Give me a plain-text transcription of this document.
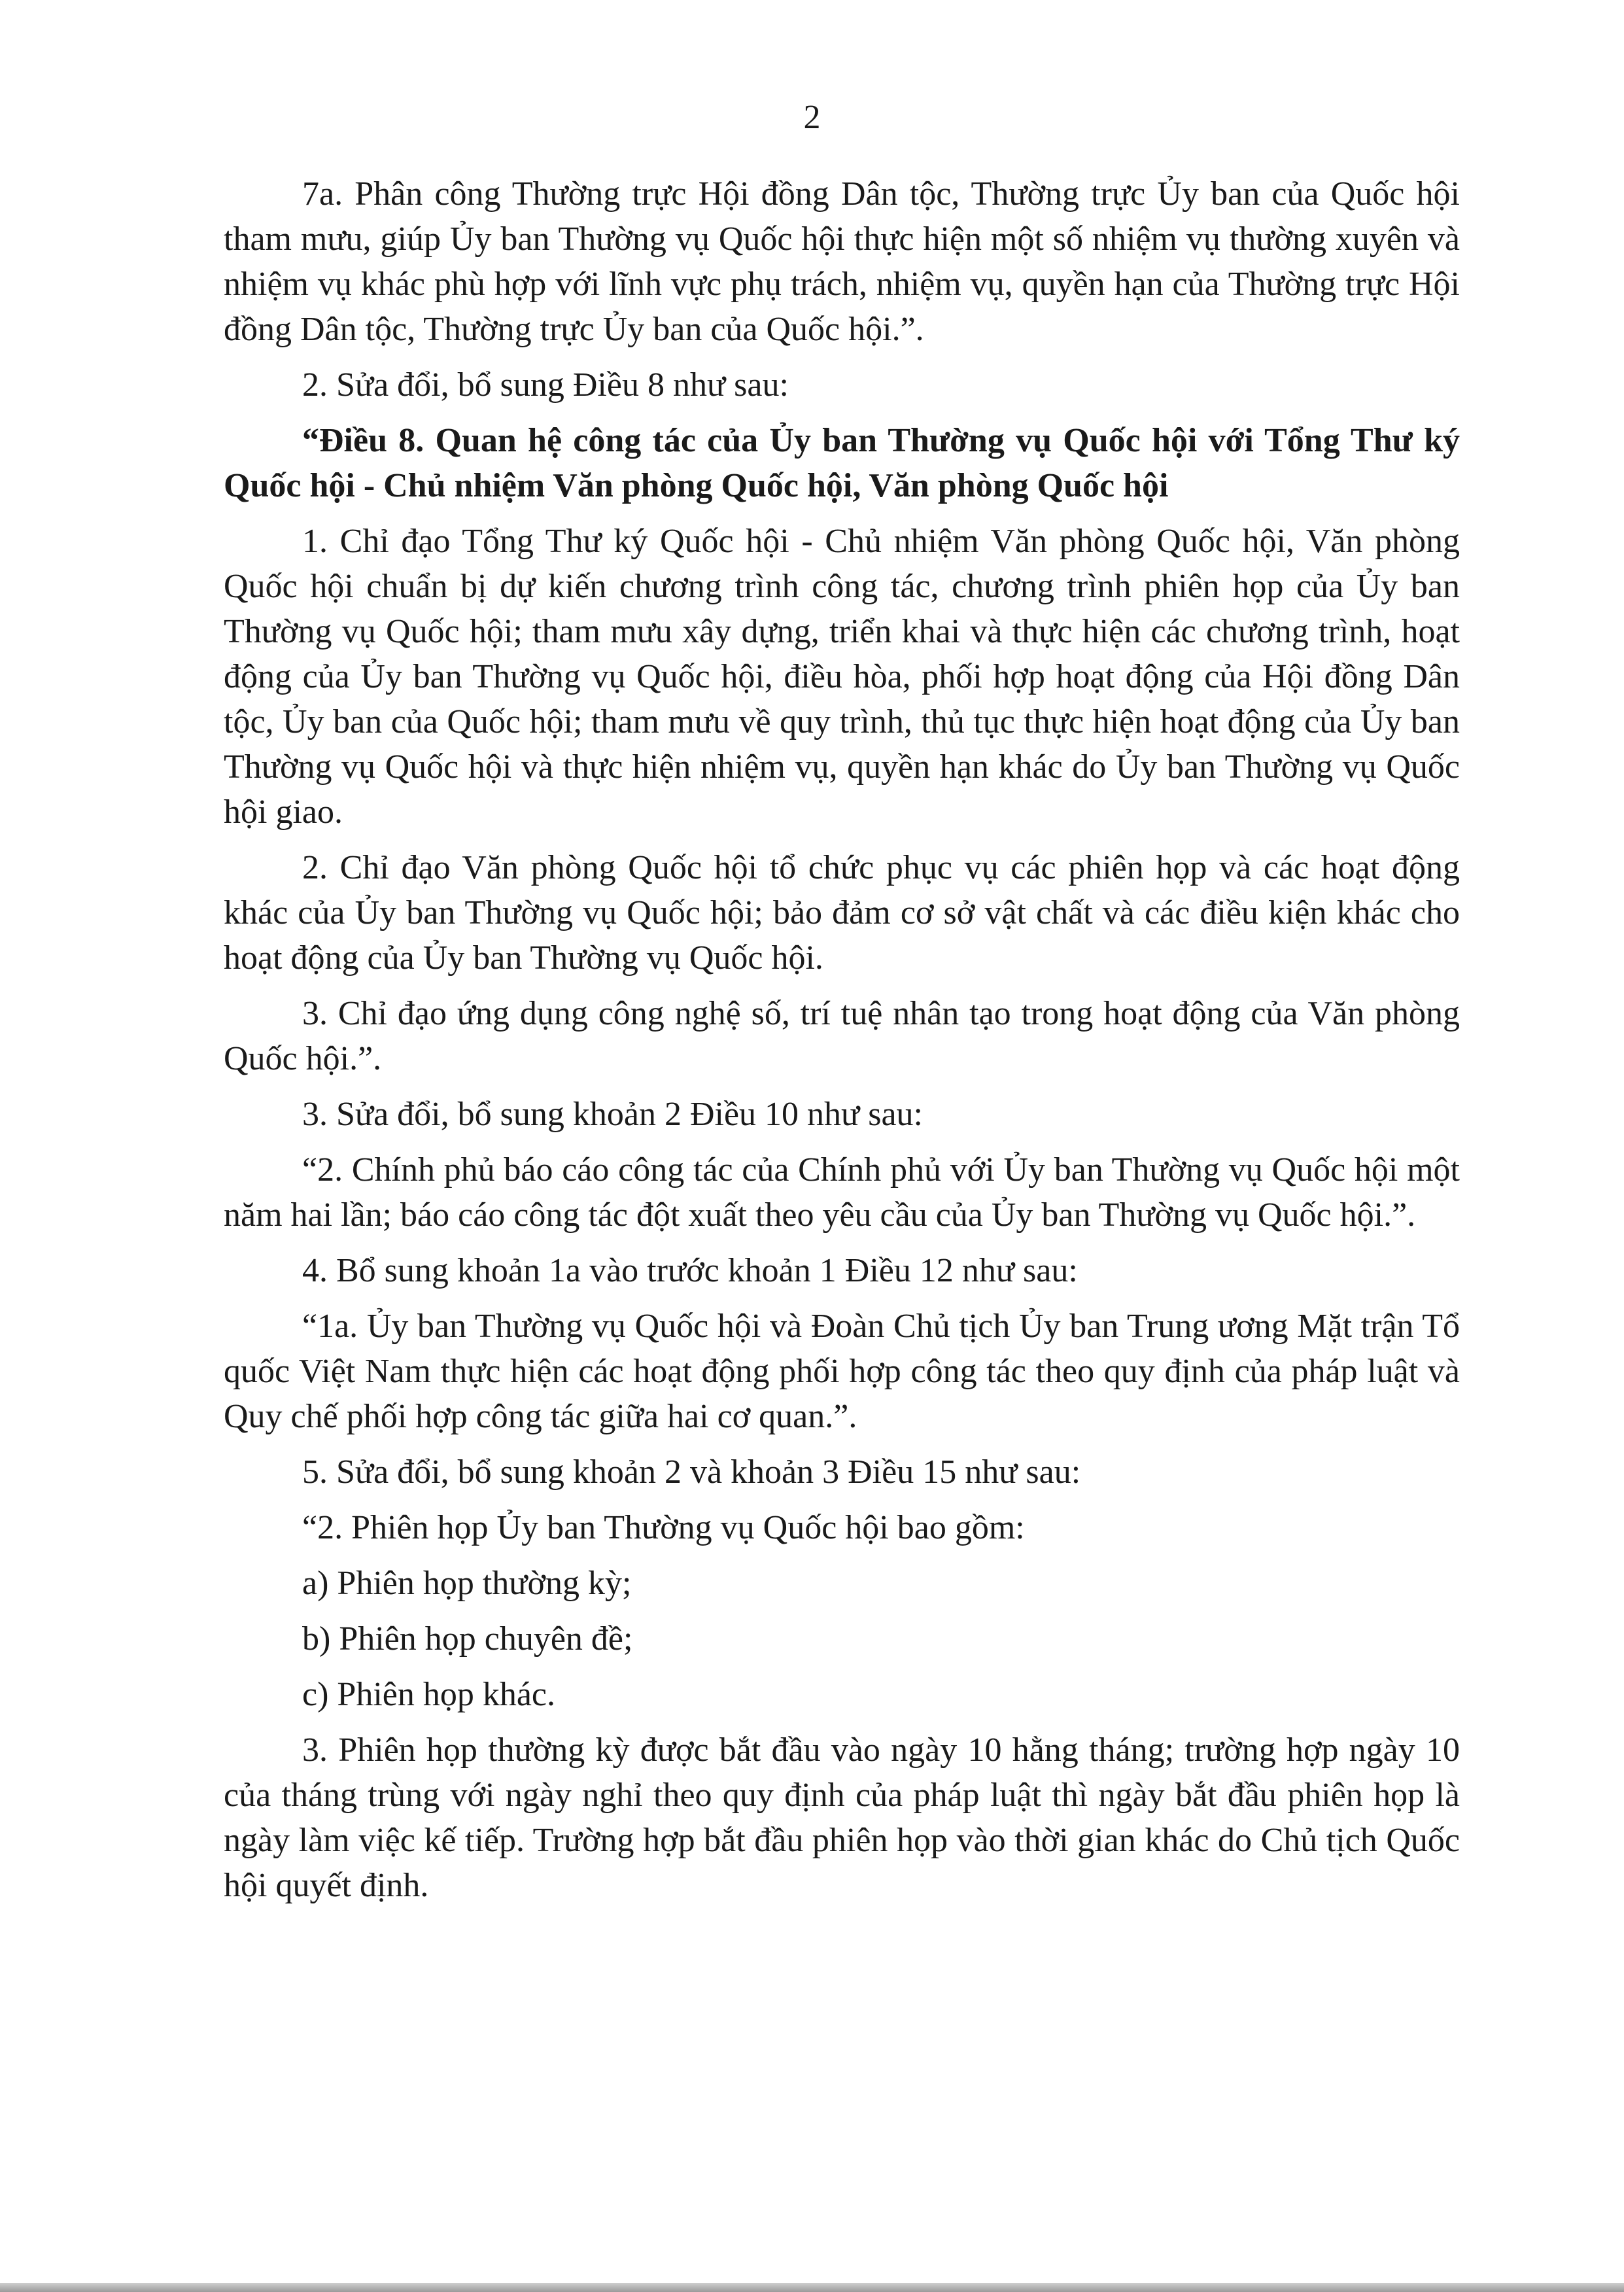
2

7a. Phân công Thường trực Hội đồng Dân tộc, Thường trực Ủy ban của Quốc hội tham mưu, giúp Ủy ban Thường vụ Quốc hội thực hiện một số nhiệm vụ thường xuyên và nhiệm vụ khác phù hợp với lĩnh vực phụ trách, nhiệm vụ, quyền hạn của Thường trực Hội đồng Dân tộc, Thường trực Ủy ban của Quốc hội.”.

2. Sửa đổi, bổ sung Điều 8 như sau:

“Điều 8. Quan hệ công tác của Ủy ban Thường vụ Quốc hội với Tổng Thư ký Quốc hội - Chủ nhiệm Văn phòng Quốc hội, Văn phòng Quốc hội

1. Chỉ đạo Tổng Thư ký Quốc hội - Chủ nhiệm Văn phòng Quốc hội, Văn phòng Quốc hội chuẩn bị dự kiến chương trình công tác, chương trình phiên họp của Ủy ban Thường vụ Quốc hội; tham mưu xây dựng, triển khai và thực hiện các chương trình, hoạt động của Ủy ban Thường vụ Quốc hội, điều hòa, phối hợp hoạt động của Hội đồng Dân tộc, Ủy ban của Quốc hội; tham mưu về quy trình, thủ tục thực hiện hoạt động của Ủy ban Thường vụ Quốc hội và thực hiện nhiệm vụ, quyền hạn khác do Ủy ban Thường vụ Quốc hội giao.

2. Chỉ đạo Văn phòng Quốc hội tổ chức phục vụ các phiên họp và các hoạt động khác của Ủy ban Thường vụ Quốc hội; bảo đảm cơ sở vật chất và các điều kiện khác cho hoạt động của Ủy ban Thường vụ Quốc hội.

3. Chỉ đạo ứng dụng công nghệ số, trí tuệ nhân tạo trong hoạt động của Văn phòng Quốc hội.”.

3. Sửa đổi, bổ sung khoản 2 Điều 10 như sau:

“2. Chính phủ báo cáo công tác của Chính phủ với Ủy ban Thường vụ Quốc hội một năm hai lần; báo cáo công tác đột xuất theo yêu cầu của Ủy ban Thường vụ Quốc hội.”.

4. Bổ sung khoản 1a vào trước khoản 1 Điều 12 như sau:

“1a. Ủy ban Thường vụ Quốc hội và Đoàn Chủ tịch Ủy ban Trung ương Mặt trận Tổ quốc Việt Nam thực hiện các hoạt động phối hợp công tác theo quy định của pháp luật và Quy chế phối hợp công tác giữa hai cơ quan.”.

5. Sửa đổi, bổ sung khoản 2 và khoản 3 Điều 15 như sau:

“2. Phiên họp Ủy ban Thường vụ Quốc hội bao gồm:

a) Phiên họp thường kỳ;

b) Phiên họp chuyên đề;

c) Phiên họp khác.

3. Phiên họp thường kỳ được bắt đầu vào ngày 10 hằng tháng; trường hợp ngày 10 của tháng trùng với ngày nghỉ theo quy định của pháp luật thì ngày bắt đầu phiên họp là ngày làm việc kế tiếp. Trường hợp bắt đầu phiên họp vào thời gian khác do Chủ tịch Quốc hội quyết định.
